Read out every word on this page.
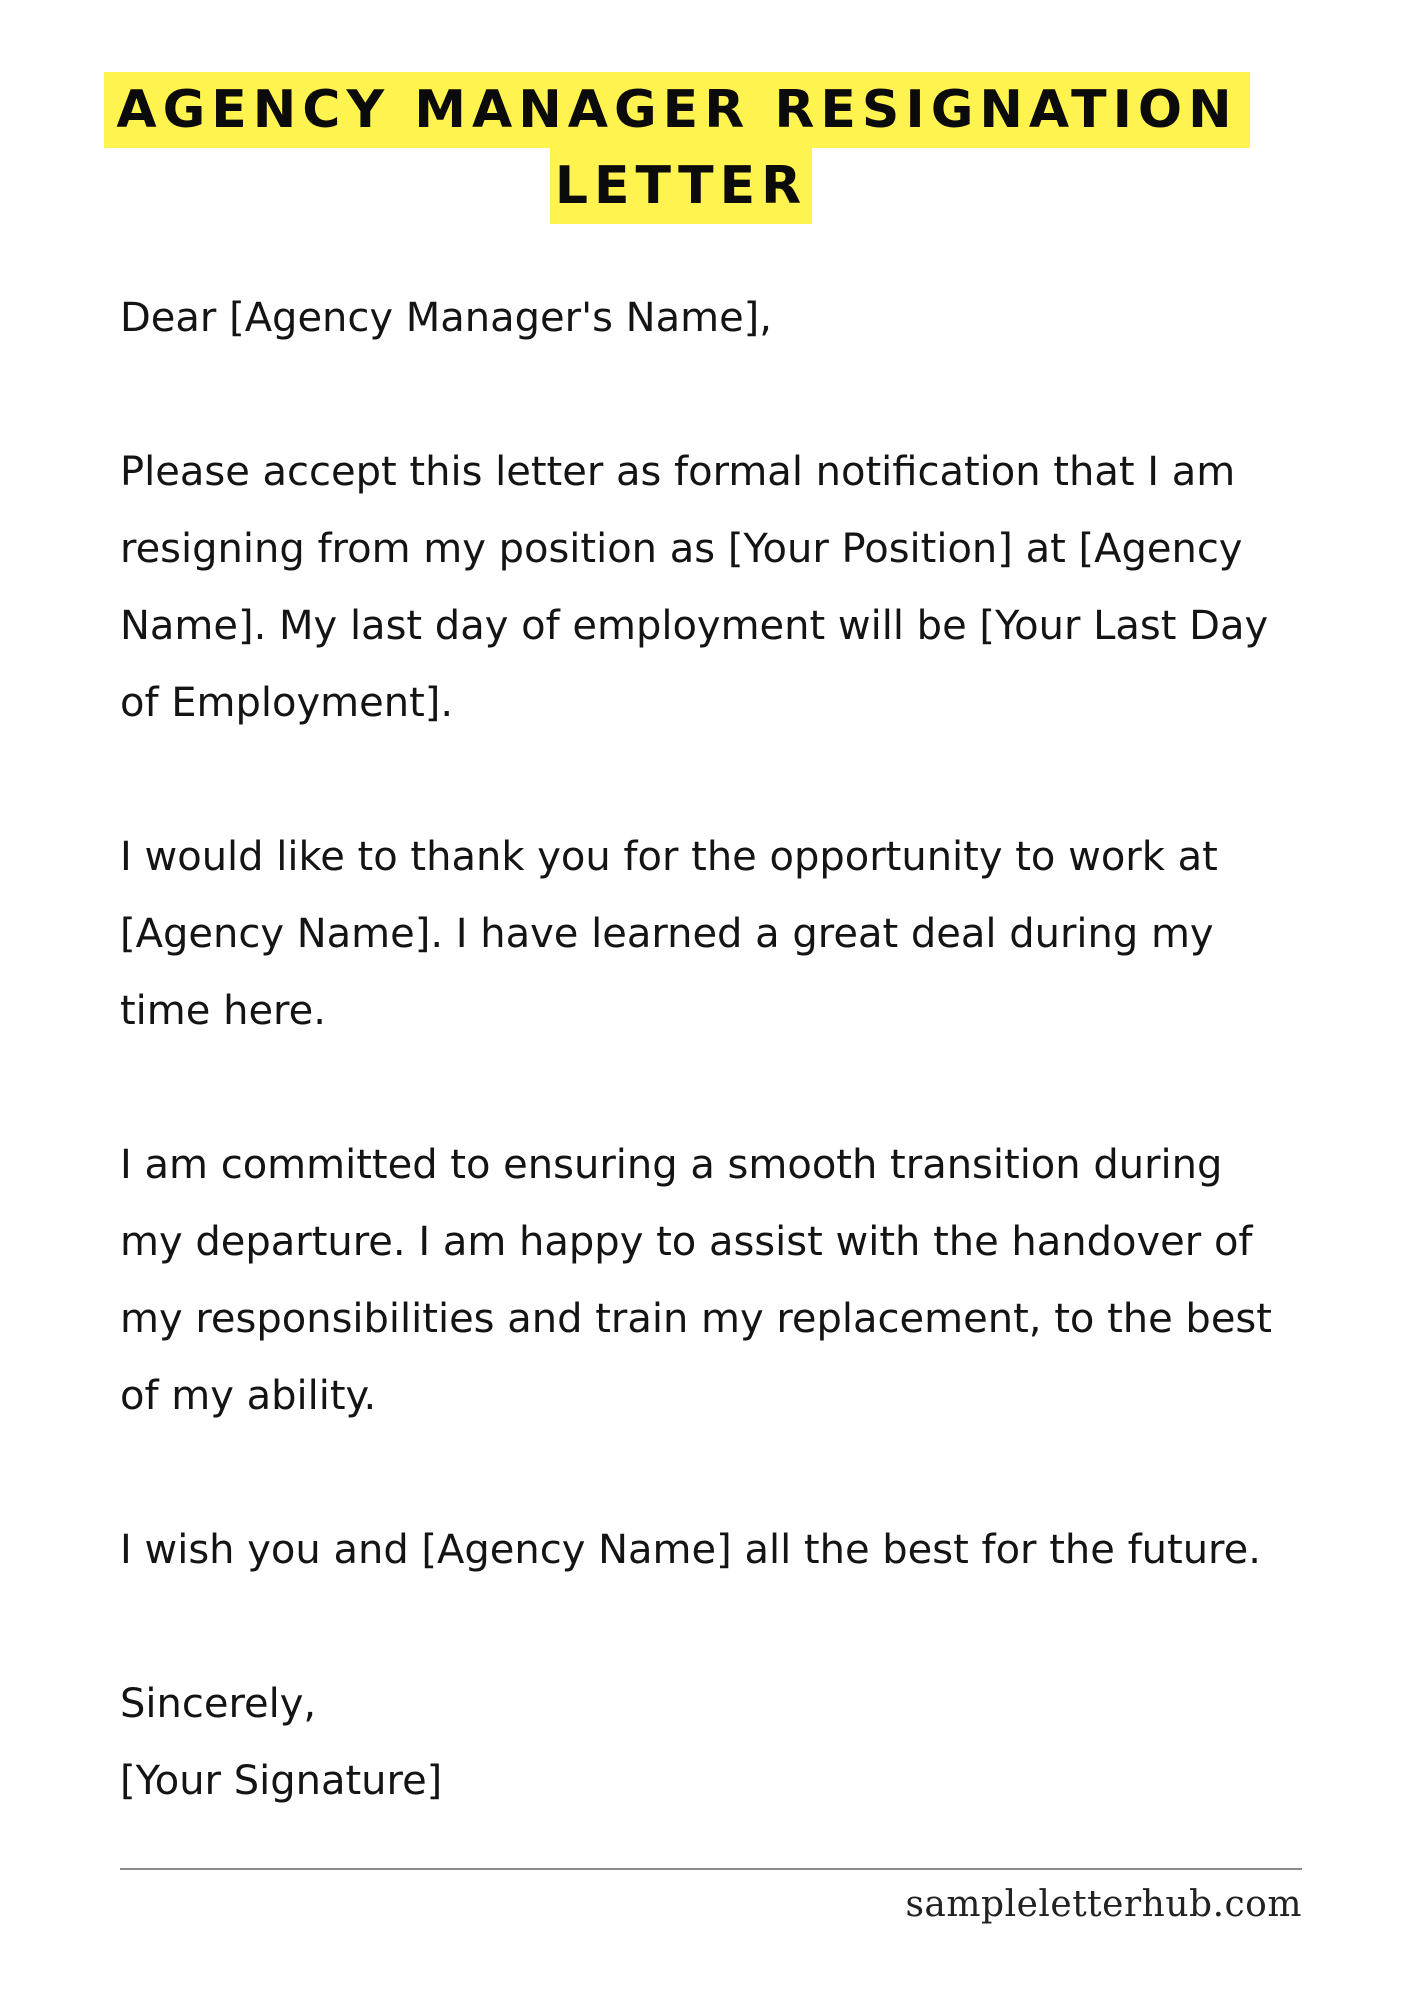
AGENCY MANAGER RESIGNATION
LETTER

Dear [Agency Manager's Name],

Please accept this letter as formal notification that I am

resigning from my position as [Your Position] at [Agency

Name]. My last day of employment will be [Your Last Day

of Employment].

I would like to thank you for the opportunity to work at

[Agency Name]. I have learned a great deal during my

time here.

I am committed to ensuring a smooth transition during

my departure. I am happy to assist with the handover of

my responsibilities and train my replacement, to the best

of my ability.

I wish you and [Agency Name] all the best for the future.

Sincerely,

[Your Signature]

sampleletterhub.com
